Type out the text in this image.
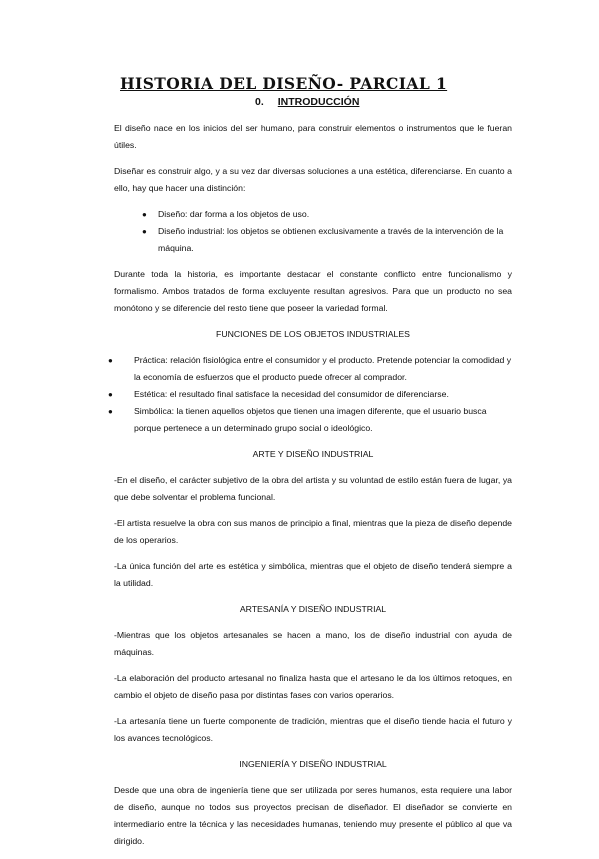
HISTORIA DEL DISEÑO- PARCIAL 1
0. INTRODUCCIÓN

El diseño nace en los inicios del ser humano, para construir elementos o instrumentos que le fueran útiles.

Diseñar es construir algo, y a su vez dar diversas soluciones a una estética, diferenciarse. En cuanto a ello, hay que hacer una distinción:

● Diseño: dar forma a los objetos de uso.
● Diseño industrial: los objetos se obtienen exclusivamente a través de la intervención de la máquina.

Durante toda la historia, es importante destacar el constante conflicto entre funcionalismo y formalismo. Ambos tratados de forma excluyente resultan agresivos. Para que un producto no sea monótono y se diferencie del resto tiene que poseer la variedad formal.

FUNCIONES DE LOS OBJETOS INDUSTRIALES
● Práctica: relación fisiológica entre el consumidor y el producto. Pretende potenciar la comodidad y la economía de esfuerzos que el producto puede ofrecer al comprador.
● Estética: el resultado final satisface la necesidad del consumidor de diferenciarse.
● Simbólica: la tienen aquellos objetos que tienen una imagen diferente, que el usuario busca porque pertenece a un determinado grupo social o ideológico.
ARTE Y DISEÑO INDUSTRIAL

-En el diseño, el carácter subjetivo de la obra del artista y su voluntad de estilo están fuera de lugar, ya que debe solventar el problema funcional.

-El artista resuelve la obra con sus manos de principio a final, mientras que la pieza de diseño depende de los operarios.

-La única función del arte es estética y simbólica, mientras que el objeto de diseño tenderá siempre a la utilidad.

ARTESANÍA Y DISEÑO INDUSTRIAL

-Mientras que los objetos artesanales se hacen a mano, los de diseño industrial con ayuda de máquinas.

-La elaboración del producto artesanal no finaliza hasta que el artesano le da los últimos retoques, en cambio el objeto de diseño pasa por distintas fases con varios operarios.

-La artesanía tiene un fuerte componente de tradición, mientras que el diseño tiende hacia el futuro y los avances tecnológicos.

INGENIERÍA Y DISEÑO INDUSTRIAL

Desde que una obra de ingeniería tiene que ser utilizada por seres humanos, esta requiere una labor de diseño, aunque no todos sus proyectos precisan de diseñador. El diseñador se convierte en intermediario entre la técnica y las necesidades humanas, teniendo muy presente el público al que va dirigido.
